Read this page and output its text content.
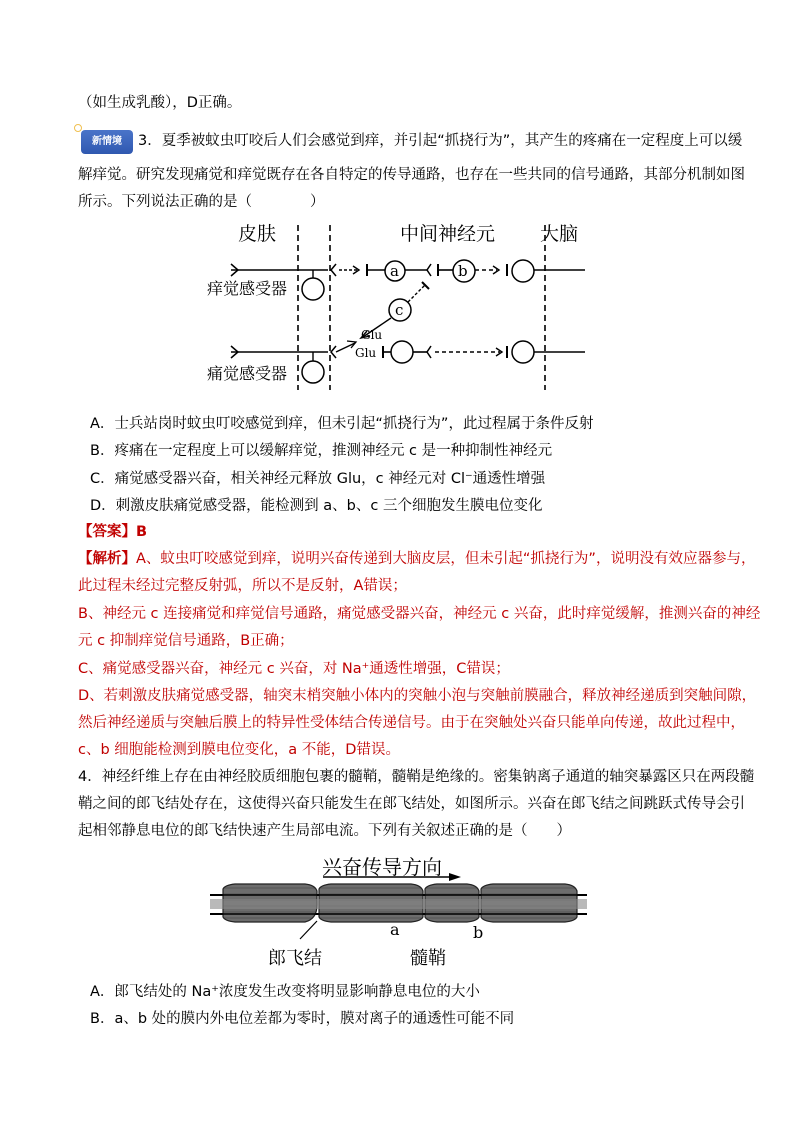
（如生成乳酸），D正确。
新情境	3．夏季被蚊虫叮咬后人们会感觉到痒，并引起“抓挠行为”，其产生的疼痛在一定程度上可以缓
解痒觉。研究发现痛觉和痒觉既存在各自特定的传导通路，也存在一些共同的信号通路，其部分机制如图
所示。下列说法正确的是（　　　　）
皮肤	中间神经元 大脑
a	b
c
Glu
Glu
痒觉感受器
痛觉感受器
A．士兵站岗时蚊虫叮咬感觉到痒，但未引起“抓挠行为”，此过程属于条件反射
B．疼痛在一定程度上可以缓解痒觉，推测神经元 c 是一种抑制性神经元
C．痛觉感受器兴奋，相关神经元释放 Glu，c 神经元对 Cl⁻通透性增强
D．刺激皮肤痛觉感受器，能检测到 a、b、c 三个细胞发生膜电位变化
【答案】B
【解析】A、蚊虫叮咬感觉到痒，说明兴奋传递到大脑皮层，但未引起“抓挠行为”，说明没有效应器参与，
此过程未经过完整反射弧，所以不是反射，A错误；
B、神经元 c 连接痛觉和痒觉信号通路，痛觉感受器兴奋，神经元 c 兴奋，此时痒觉缓解，推测兴奋的神经
元 c 抑制痒觉信号通路，B正确；
C、痛觉感受器兴奋，神经元 c 兴奋，对 Na⁺通透性增强，C错误；
D、若刺激皮肤痛觉感受器，轴突末梢突触小体内的突触小泡与突触前膜融合，释放神经递质到突触间隙，
然后神经递质与突触后膜上的特异性受体结合传递信号。由于在突触处兴奋只能单向传递，故此过程中，
c、b 细胞能检测到膜电位变化，a 不能，D错误。
4．神经纤维上存在由神经胶质细胞包裹的髓鞘，髓鞘是绝缘的。密集钠离子通道的轴突暴露区只在两段髓
鞘之间的郎飞结处存在，这使得兴奋只能发生在郎飞结处，如图所示。兴奋在郎飞结之间跳跃式传导会引
起相邻静息电位的郎飞结快速产生局部电流。下列有关叙述正确的是（　　）
兴奋传导方向
a	b
郎飞结	髓鞘
A．郎飞结处的 Na⁺浓度发生改变将明显影响静息电位的大小
B．a、b 处的膜内外电位差都为零时，膜对离子的通透性可能不同
